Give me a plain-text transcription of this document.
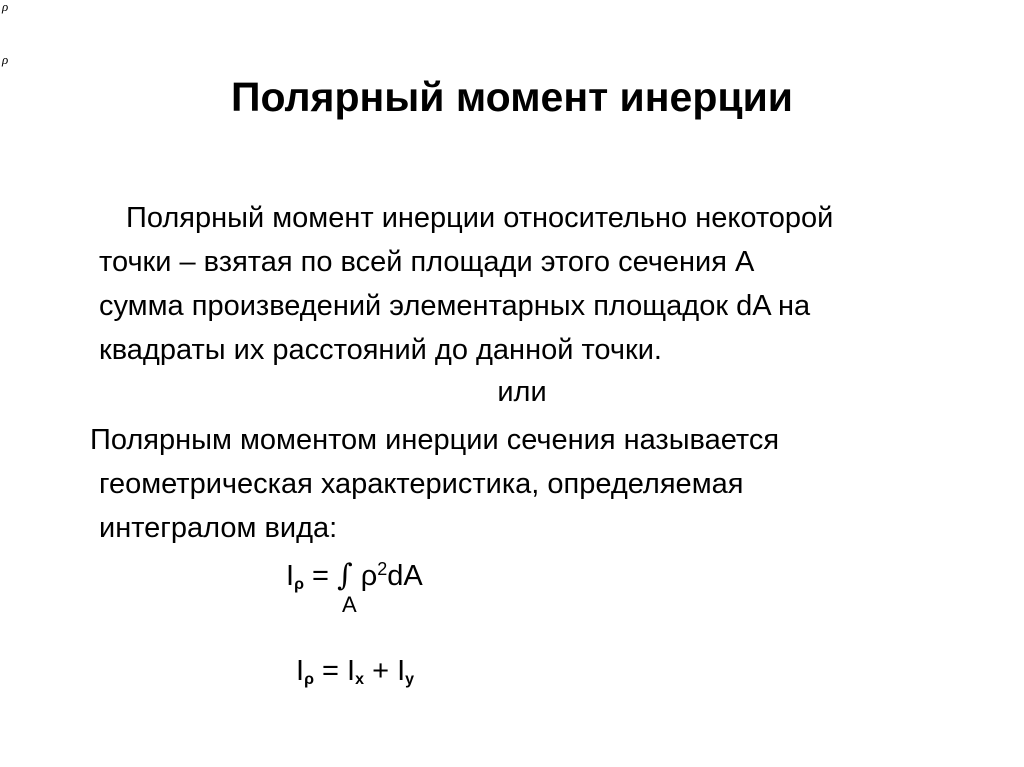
ρ
ρ
Полярный момент инерции

Полярный момент инерции относительно некоторой
точки – взятая по всей площади этого сечения А
сумма произведений элементарных площадок dA на
квадраты их расстояний до данной точки.

или

Полярным моментом инерции сечения называется
геометрическая характеристика, определяемая
интегралом вида:

$I_\rho$ = ∫ $\rho^2dA$
A
$I_\rho = I_x + I_y$
